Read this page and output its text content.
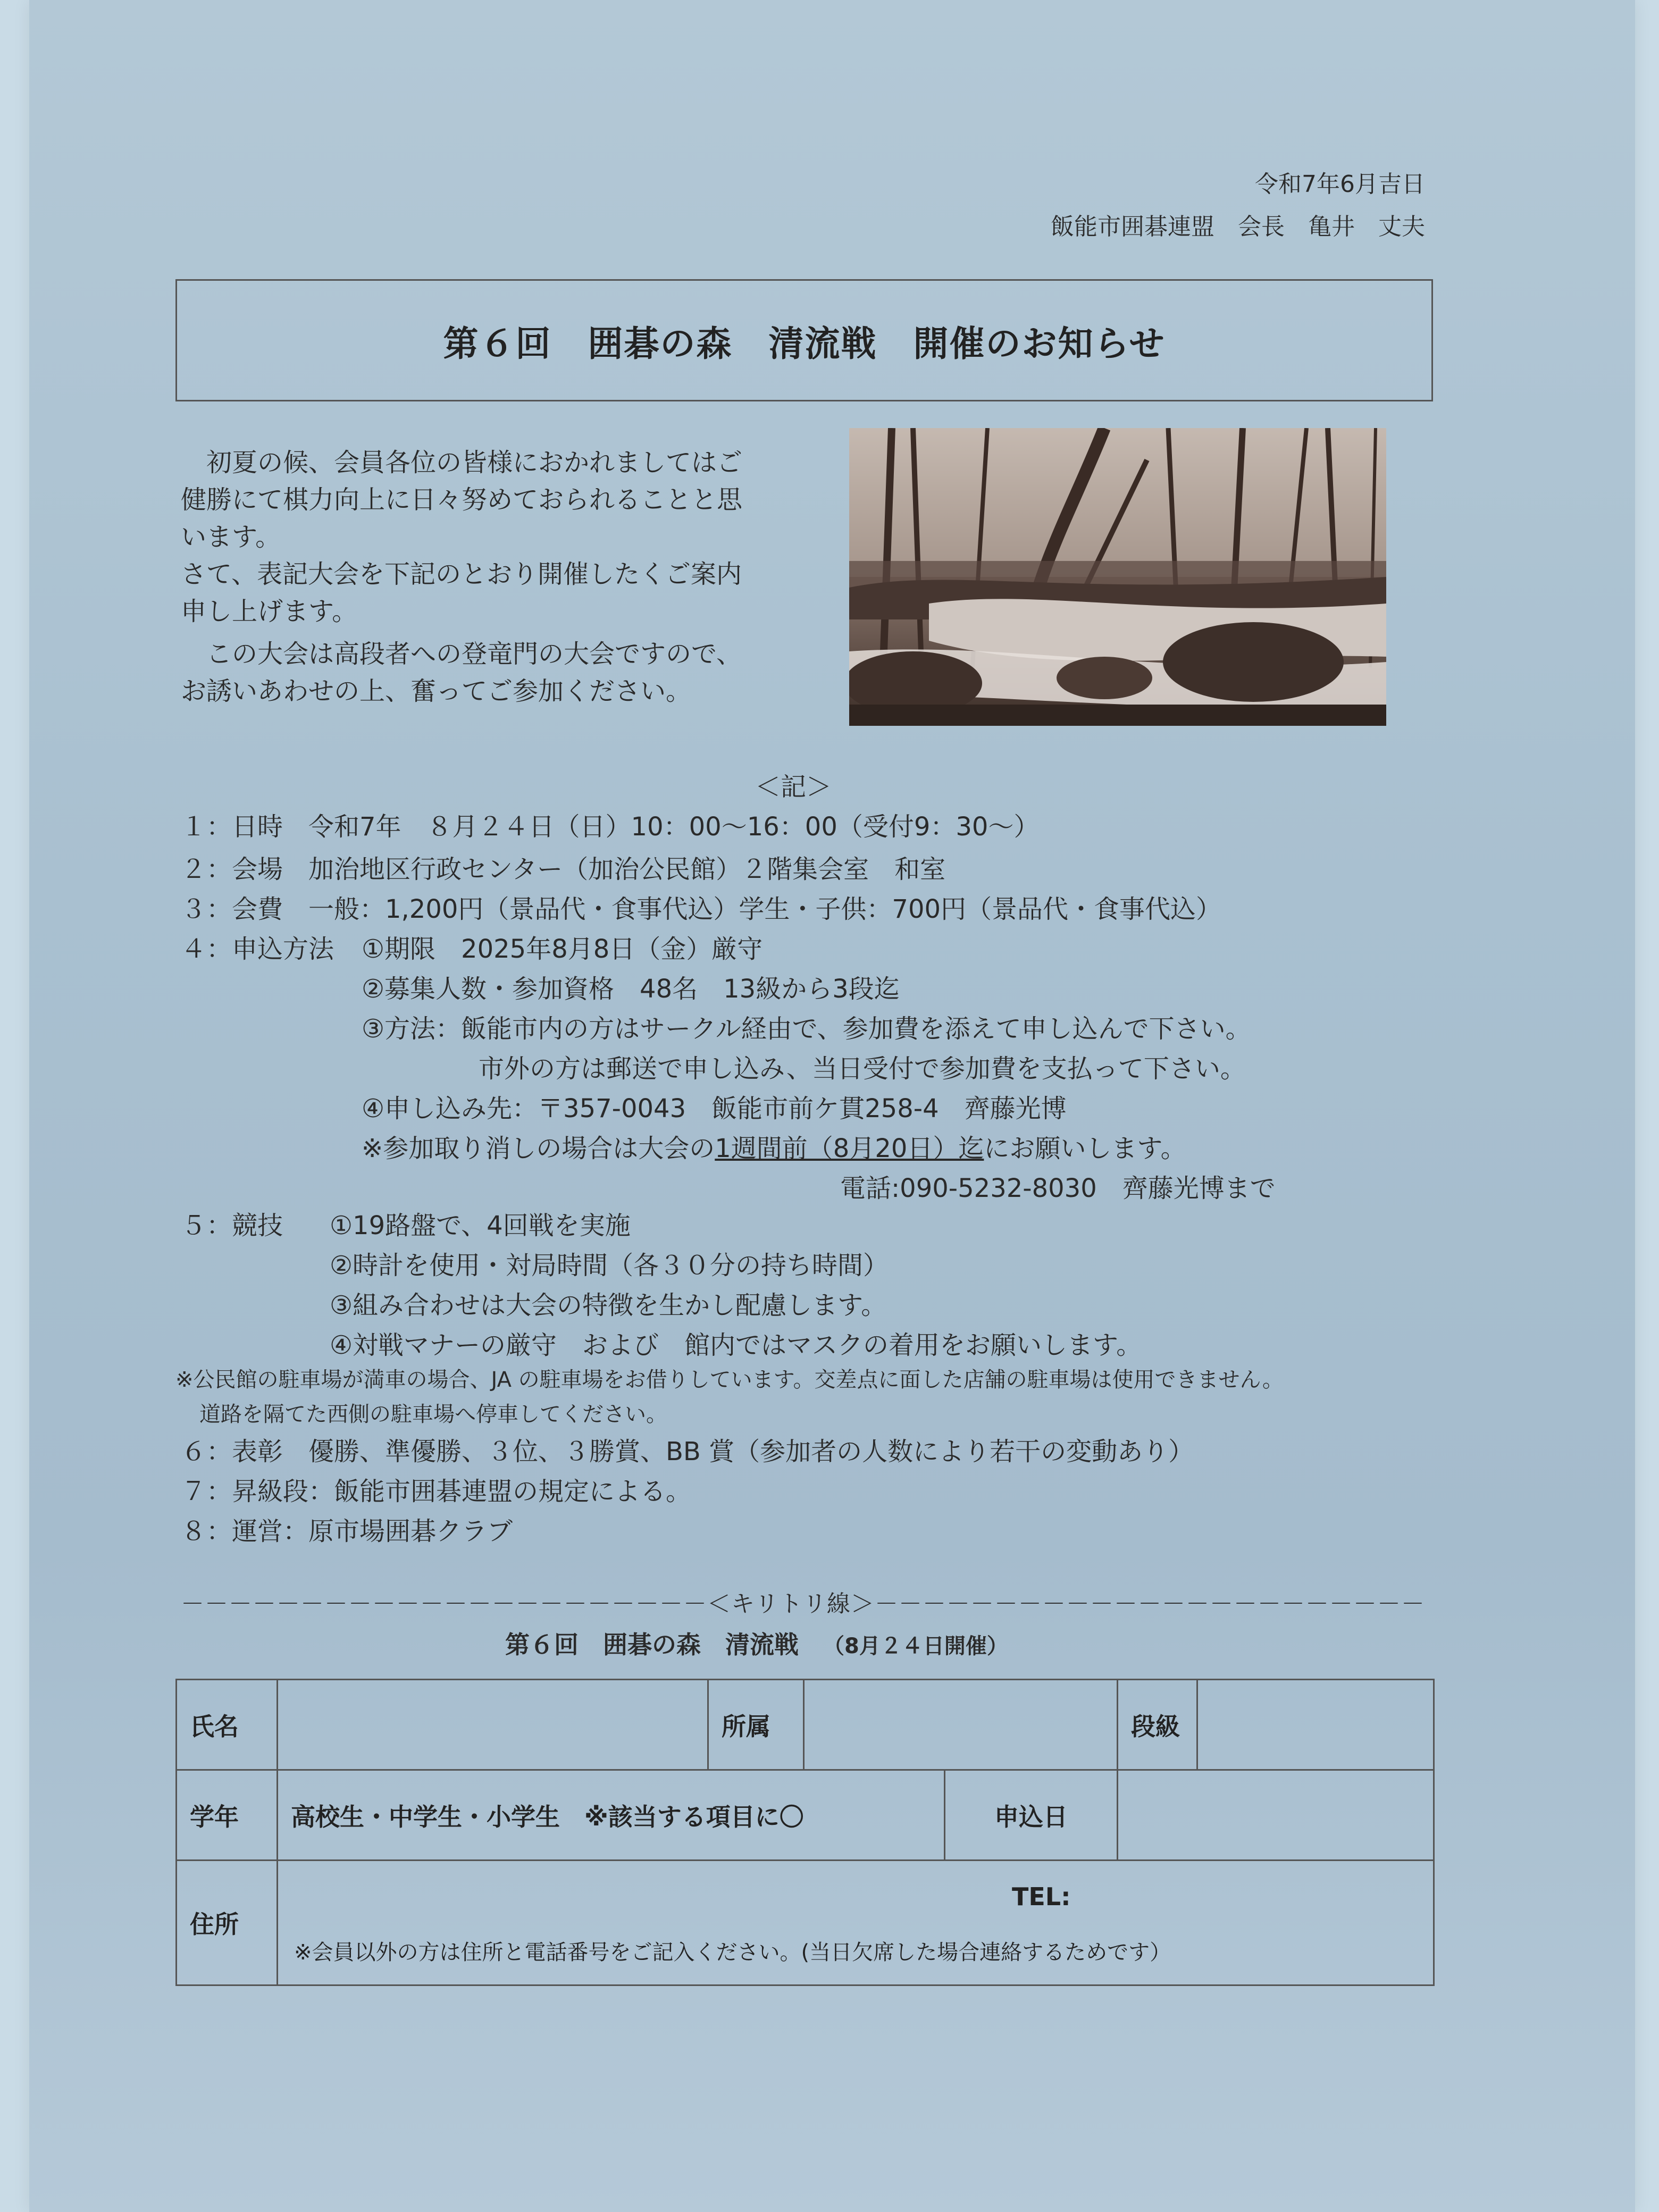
令和7年6月吉日
飯能市囲碁連盟　会長　亀井　丈夫
第６回　囲碁の森　清流戦　開催のお知らせ
　初夏の候、会員各位の皆様におかれましてはご
健勝にて棋力向上に日々努めておられることと思
います。
さて、表記大会を下記のとおり開催したくご案内
申し上げます。
　この大会は高段者への登竜門の大会ですので、
お誘いあわせの上、奮ってご参加ください。
＜記＞
１：日時　令和7年　８月２４日（日）10：00〜16：00（受付9：30〜）
２：会場　加治地区行政センター（加治公民館）２階集会室　和室
３：会費　一般：1,200円（景品代・食事代込）学生・子供：700円（景品代・食事代込）
４：申込方法 ①期限　2025年8月8日（金）厳守
②募集人数・参加資格　48名　13級から3段迄
③方法：飯能市内の方はサークル経由で、参加費を添えて申し込んで下さい。
市外の方は郵送で申し込み、当日受付で参加費を支払って下さい。
④申し込み先：〒357-0043　飯能市前ケ貫258-4　齊藤光博
※参加取り消しの場合は大会の1週間前（8月20日）迄にお願いします。
電話:090-5232-8030　齊藤光博まで
５：競技 ①19路盤で、4回戦を実施
②時計を使用・対局時間（各３０分の持ち時間）
③組み合わせは大会の特徴を生かし配慮します。
④対戦マナーの厳守　および　館内ではマスクの着用をお願いします。
※公民館の駐車場が満車の場合、JA の駐車場をお借りしています。交差点に面した店舗の駐車場は使用できません。
道路を隔てた西側の駐車場へ停車してください。
６：表彰　優勝、準優勝、３位、３勝賞、BB 賞（参加者の人数により若干の変動あり）
７：昇級段：飯能市囲碁連盟の規定による。
８：運営：原市場囲碁クラブ
－－－－－－－－－－－－－－－－－－－－－－＜キリトリ線＞－－－－－－－－－－－－－－－－－－－－－－－
第６回　囲碁の森　清流戦 （8月２４日開催）
氏名		所属			段級	
学年	高校生・中学生・小学生　※該当する項目に〇			申込日		
住所	TEL:
※会員以外の方は住所と電話番号をご記入ください。(当日欠席した場合連絡するためです）					
